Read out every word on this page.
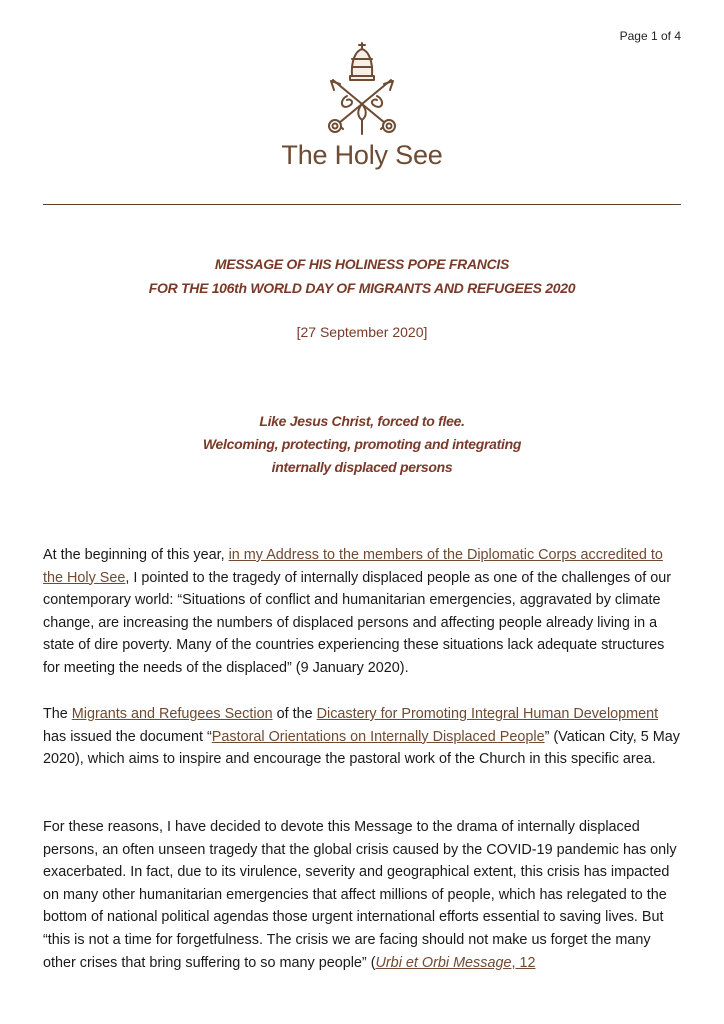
Page 1 of 4
The Holy See
MESSAGE OF HIS HOLINESS POPE FRANCIS
FOR THE 106th WORLD DAY OF MIGRANTS AND REFUGEES 2020
[27 September 2020]
Like Jesus Christ, forced to flee.
Welcoming, protecting, promoting and integrating
internally displaced persons

At the beginning of this year, in my Address to the members of the Diplomatic Corps accredited to the Holy See, I pointed to the tragedy of internally displaced people as one of the challenges of our contemporary world: “Situations of conflict and humanitarian emergencies, aggravated by climate change, are increasing the numbers of displaced persons and affecting people already living in a state of dire poverty. Many of the countries experiencing these situations lack adequate structures for meeting the needs of the displaced” (9 January 2020).

The Migrants and Refugees Section of the Dicastery for Promoting Integral Human Development has issued the document “Pastoral Orientations on Internally Displaced People” (Vatican City, 5 May 2020), which aims to inspire and encourage the pastoral work of the Church in this specific area.

For these reasons, I have decided to devote this Message to the drama of internally displaced persons, an often unseen tragedy that the global crisis caused by the COVID-19 pandemic has only exacerbated. In fact, due to its virulence, severity and geographical extent, this crisis has impacted on many other humanitarian emergencies that affect millions of people, which has relegated to the bottom of national political agendas those urgent international efforts essential to saving lives. But “this is not a time for forgetfulness. The crisis we are facing should not make us forget the many other crises that bring suffering to so many people” (Urbi et Orbi Message, 12
